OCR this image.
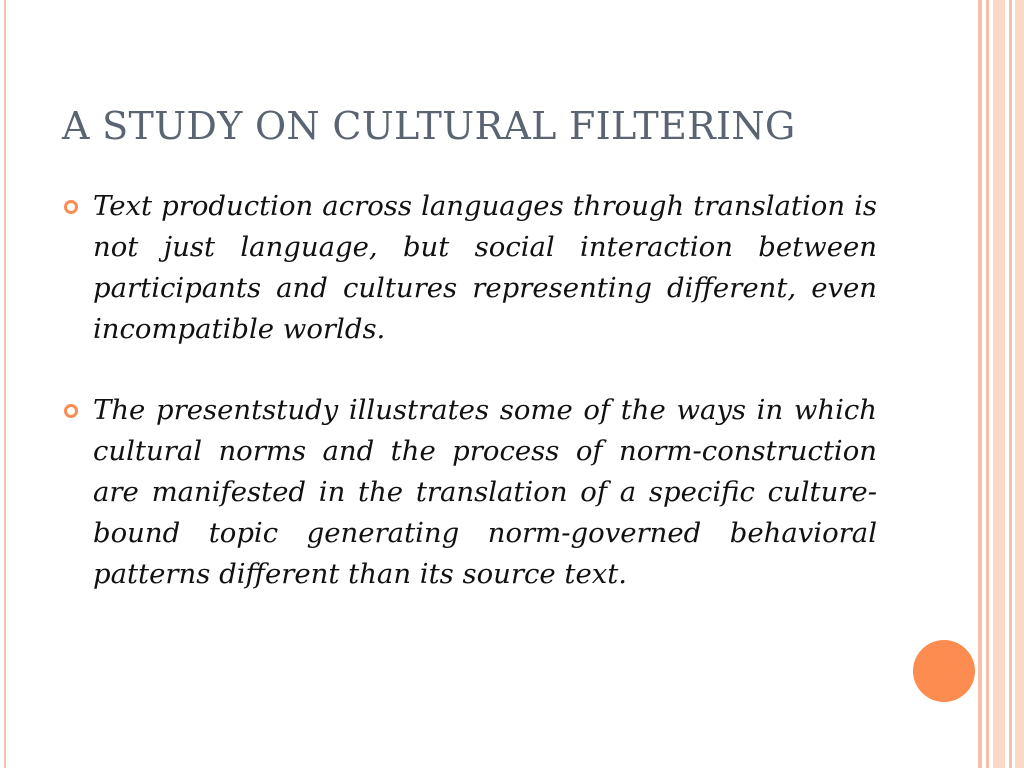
A STUDY ON CULTURAL FILTERING

Text production across languages through translation is not just language, but social interaction between participants and cultures representing different, even incompatible worlds.

The presentstudy illustrates some of the ways in which cultural norms and the process of norm-construction are manifested in the translation of a specific culture-bound topic generating norm-governed behavioral patterns different than its source text.
